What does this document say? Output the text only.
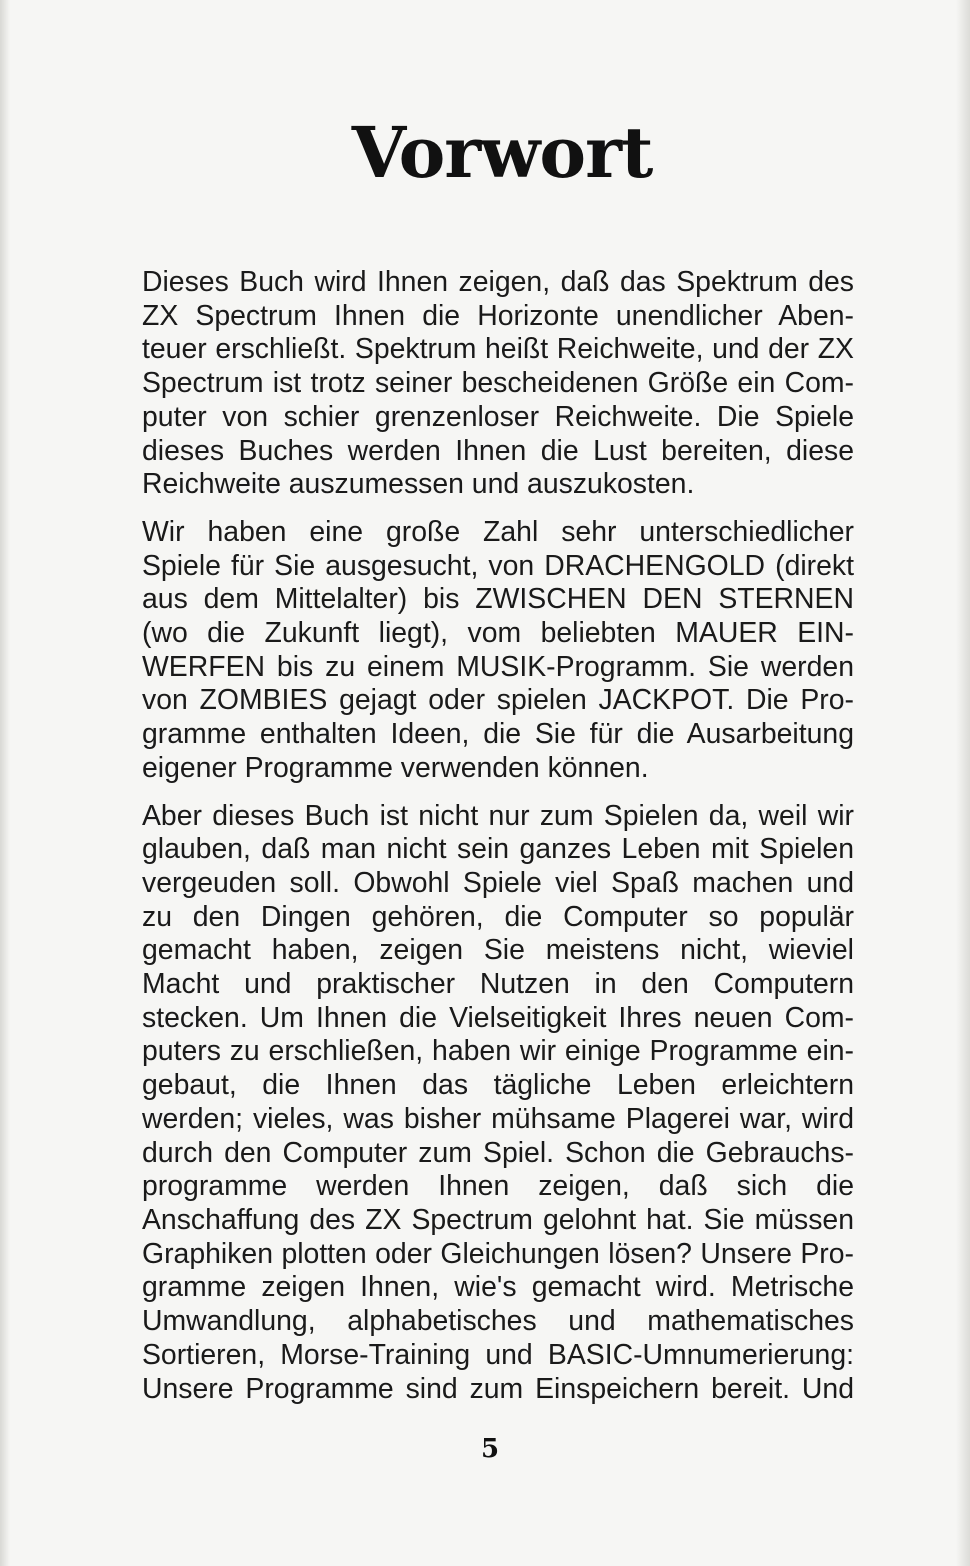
Vorwort

Dieses Buch wird Ihnen zeigen, daß das Spektrum des
ZX Spectrum Ihnen die Horizonte unendlicher Aben-
teuer erschließt. Spektrum heißt Reichweite, und der ZX
Spectrum ist trotz seiner bescheidenen Größe ein Com-
puter von schier grenzenloser Reichweite. Die Spiele
dieses Buches werden Ihnen die Lust bereiten, diese
Reichweite auszumessen und auszukosten.

Wir haben eine große Zahl sehr unterschiedlicher
Spiele für Sie ausgesucht, von DRACHENGOLD (direkt
aus dem Mittelalter) bis ZWISCHEN DEN STERNEN
(wo die Zukunft liegt), vom beliebten MAUER EIN-
WERFEN bis zu einem MUSIK-Programm. Sie werden
von ZOMBIES gejagt oder spielen JACKPOT. Die Pro-
gramme enthalten Ideen, die Sie für die Ausarbeitung
eigener Programme verwenden können.

Aber dieses Buch ist nicht nur zum Spielen da, weil wir
glauben, daß man nicht sein ganzes Leben mit Spielen
vergeuden soll. Obwohl Spiele viel Spaß machen und
zu den Dingen gehören, die Computer so populär
gemacht haben, zeigen Sie meistens nicht, wieviel
Macht und praktischer Nutzen in den Computern
stecken. Um Ihnen die Vielseitigkeit Ihres neuen Com-
puters zu erschließen, haben wir einige Programme ein-
gebaut, die Ihnen das tägliche Leben erleichtern
werden; vieles, was bisher mühsame Plagerei war, wird
durch den Computer zum Spiel. Schon die Gebrauchs-
programme werden Ihnen zeigen, daß sich die
Anschaffung des ZX Spectrum gelohnt hat. Sie müssen
Graphiken plotten oder Gleichungen lösen? Unsere Pro-
gramme zeigen Ihnen, wie's gemacht wird. Metrische
Umwandlung, alphabetisches und mathematisches
Sortieren, Morse-Training und BASIC-Umnumerierung:
Unsere Programme sind zum Einspeichern bereit. Und

5
